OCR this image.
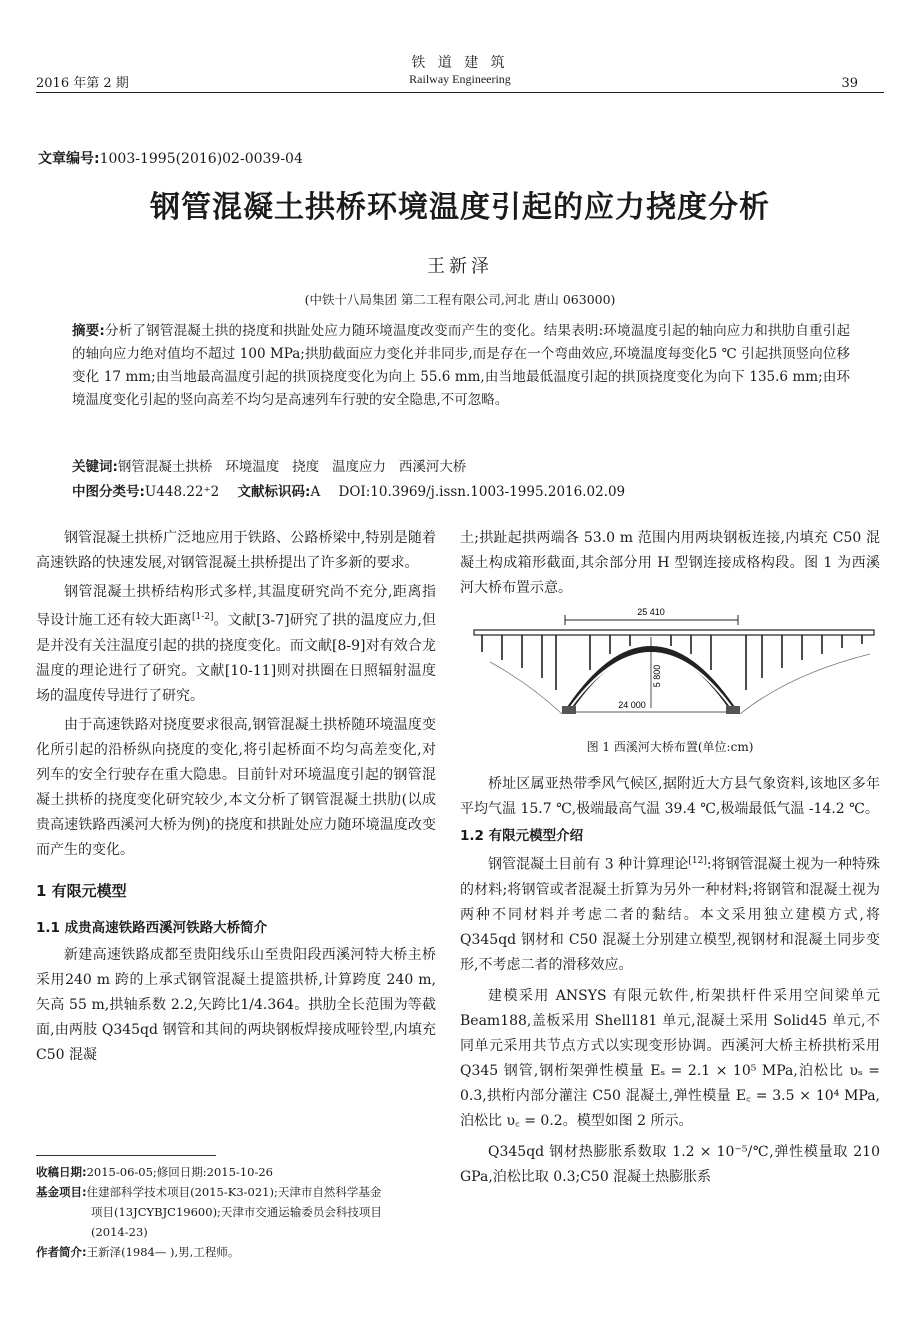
铁 道 建 筑
Railway Engineering
2016 年第 2 期	39
文章编号:1003-1995(2016)02-0039-04
钢管混凝土拱桥环境温度引起的应力挠度分析
王新泽
(中铁十八局集团 第二工程有限公司,河北 唐山 063000)
摘要:分析了钢管混凝土拱的挠度和拱趾处应力随环境温度改变而产生的变化。结果表明:环境温度引起的轴向应力和拱肋自重引起的轴向应力绝对值均不超过 100 MPa;拱肋截面应力变化并非同步,而是存在一个弯曲效应,环境温度每变化5 ℃ 引起拱顶竖向位移变化 17 mm;由当地最高温度引起的拱顶挠度变化为向上 55.6 mm,由当地最低温度引起的拱顶挠度变化为向下 135.6 mm;由环境温度变化引起的竖向高差不均匀是高速列车行驶的安全隐患,不可忽略。
关键词:钢管混凝土拱桥   环境温度   挠度   温度应力   西溪河大桥
中图分类号:U448.22⁺2 文献标识码:A DOI:10.3969/j.issn.1003-1995.2016.02.09

钢管混凝土拱桥广泛地应用于铁路、公路桥梁中,特别是随着高速铁路的快速发展,对钢管混凝土拱桥提出了许多新的要求。

钢管混凝土拱桥结构形式多样,其温度研究尚不充分,距离指导设计施工还有较大距离[1-2]。文献[3-7]研究了拱的温度应力,但是并没有关注温度引起的拱的挠度变化。而文献[8-9]对有效合龙温度的理论进行了研究。文献[10-11]则对拱圈在日照辐射温度场的温度传导进行了研究。

由于高速铁路对挠度要求很高,钢管混凝土拱桥随环境温度变化所引起的沿桥纵向挠度的变化,将引起桥面不均匀高差变化,对列车的安全行驶存在重大隐患。目前针对环境温度引起的钢管混凝土拱桥的挠度变化研究较少,本文分析了钢管混凝土拱肋(以成贵高速铁路西溪河大桥为例)的挠度和拱趾处应力随环境温度改变而产生的变化。

1 有限元模型

1.1 成贵高速铁路西溪河铁路大桥简介

新建高速铁路成都至贵阳线乐山至贵阳段西溪河特大桥主桥采用240 m 跨的上承式钢管混凝土提篮拱桥,计算跨度 240 m,矢高 55 m,拱轴系数 2.2,矢跨比1/4.364。拱肋全长范围为等截面,由两肢 Q345qd 钢管和其间的两块钢板焊接成哑铃型,内填充 C50 混凝

土;拱趾起拱两端各 53.0 m 范围内用两块钢板连接,内填充 C50 混凝土构成箱形截面,其余部分用 H 型钢连接成格构段。图 1 为西溪河大桥布置示意。

25 410
5 800
24 000
图 1 西溪河大桥布置(单位:cm)

桥址区属亚热带季风气候区,据附近大方县气象资料,该地区多年平均气温 15.7 ℃,极端最高气温 39.4 ℃,极端最低气温 -14.2 ℃。

1.2 有限元模型介绍

钢管混凝土目前有 3 种计算理论[12]:将钢管混凝土视为一种特殊的材料;将钢管或者混凝土折算为另外一种材料;将钢管和混凝土视为两种不同材料并考虑二者的黏结。本文采用独立建模方式,将 Q345qd 钢材和 C50 混凝土分别建立模型,视钢材和混凝土同步变形,不考虑二者的滑移效应。

建模采用 ANSYS 有限元软件,桁架拱杆件采用空间梁单元 Beam188,盖板采用 Shell181 单元,混凝土采用 Solid45 单元,不同单元采用共节点方式以实现变形协调。西溪河大桥主桥拱桁采用 Q345 钢管,钢桁架弹性模量 Eₛ = 2.1 × 10⁵ MPa,泊松比 υₛ = 0.3,拱桁内部分灌注 C50 混凝土,弹性模量 E꜀ = 3.5 × 10⁴ MPa,泊松比 υ꜀ = 0.2。模型如图 2 所示。

Q345qd 钢材热膨胀系数取 1.2 × 10⁻⁵/℃,弹性模量取 210 GPa,泊松比取 0.3;C50 混凝土热膨胀系

收稿日期:2015-06-05;修回日期:2015-10-26
基金项目:住建部科学技术项目(2015-K3-021);天津市自然科学基金
项目(13JCYBJC19600);天津市交通运输委员会科技项目
(2014-23)
作者简介:王新泽(1984— ),男,工程师。
